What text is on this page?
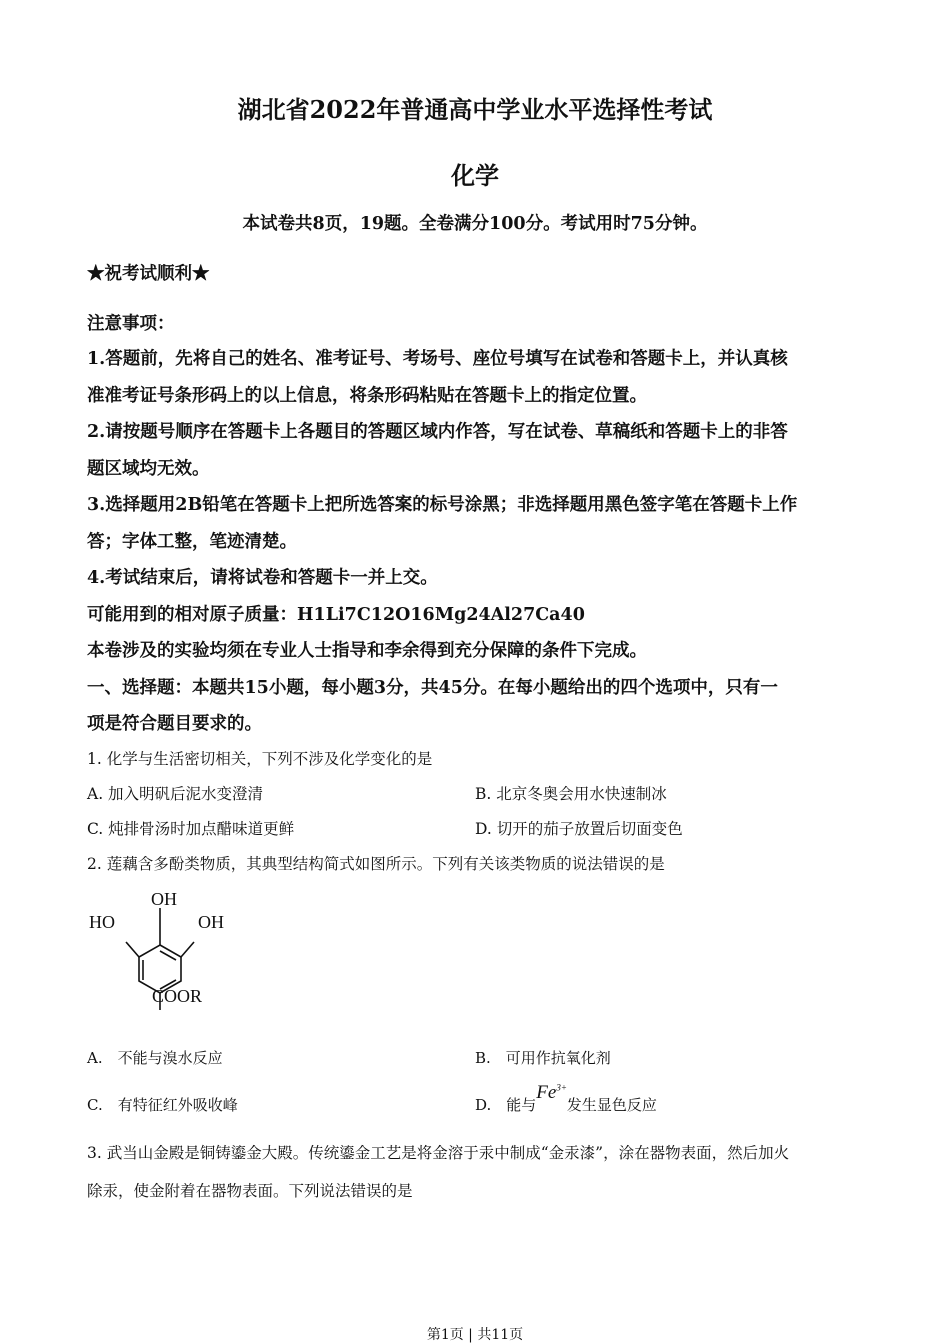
湖北省2022年普通高中学业水平选择性考试
化学
本试卷共8页，19题。全卷满分100分。考试用时75分钟。
★祝考试顺利★
注意事项：
1.答题前，先将自己的姓名、准考证号、考场号、座位号填写在试卷和答题卡上，并认真核
准准考证号条形码上的以上信息，将条形码粘贴在答题卡上的指定位置。
2.请按题号顺序在答题卡上各题目的答题区域内作答，写在试卷、草稿纸和答题卡上的非答
题区域均无效。
3.选择题用2B铅笔在答题卡上把所选答案的标号涂黑；非选择题用黑色签字笔在答题卡上作
答；字体工整，笔迹清楚。
4.考试结束后，请将试卷和答题卡一并上交。
可能用到的相对原子质量：H1Li7C12O16Mg24Al27Ca40
本卷涉及的实验均须在专业人士指导和李余得到充分保障的条件下完成。
一、选择题：本题共15小题，每小题3分，共45分。在每小题给出的四个选项中，只有一
项是符合题目要求的。
1. 化学与生活密切相关，下列不涉及化学变化的是
A. 加入明矾后泥水变澄清	B. 北京冬奥会用水快速制冰
C. 炖排骨汤时加点醋味道更鲜	D. 切开的茄子放置后切面变色
2. 莲藕含多酚类物质，其典型结构简式如图所示。下列有关该类物质的说法错误的是
OH
HO	OH
COOR
A.　不能与溴水反应	B.　可用作抗氧化剂
C.　有特征红外吸收峰	D.　能与$Fe^{3+}$发生显色反应
3. 武当山金殿是铜铸鎏金大殿。传统鎏金工艺是将金溶于汞中制成“金汞漆”，涂在器物表面，然后加火
除汞，使金附着在器物表面。下列说法错误的是
第1页 | 共11页
